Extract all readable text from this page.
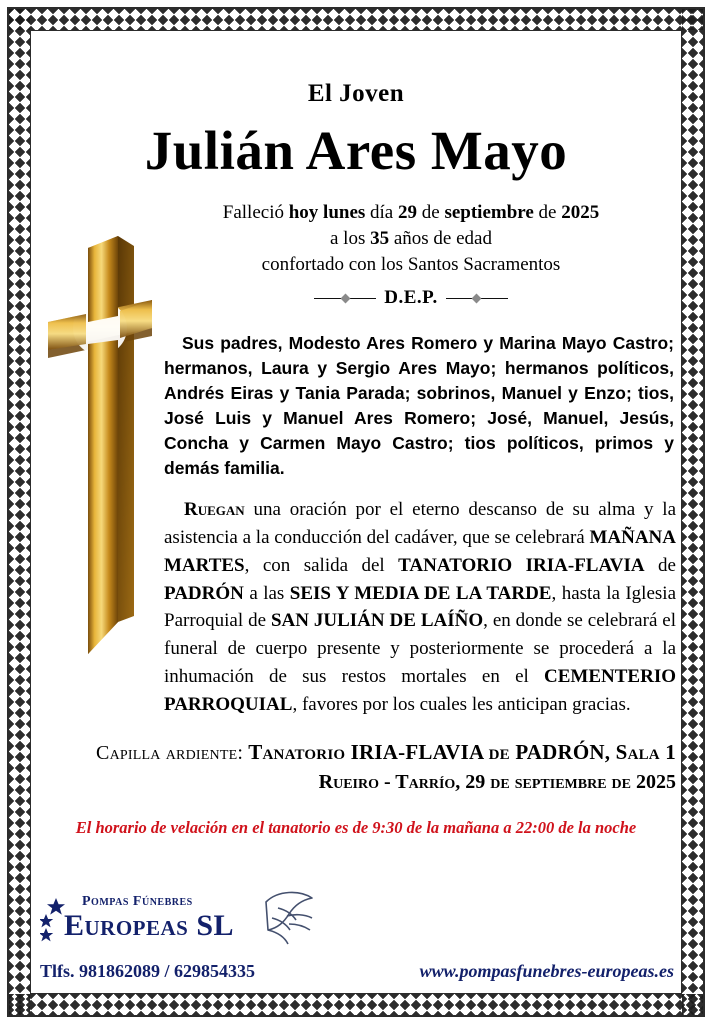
El Joven
Julián Ares Mayo
Falleció hoy lunes día 29 de septiembre de 2025
a los 35 años de edad
confortado con los Santos Sacramentos
D.E.P.
Sus padres, Modesto Ares Romero y Marina Mayo Castro; hermanos, Laura y Sergio Ares Mayo; hermanos políticos, Andrés Eiras y Tania Parada; sobrinos, Manuel y Enzo; tios, José Luis y Manuel Ares Romero; José, Manuel, Jesús, Concha y Carmen Mayo Castro; tios políticos, primos y demás familia.
Ruegan una oración por el eterno descanso de su alma y la asistencia a la conducción del cadáver, que se celebrará MAÑANA MARTES, con salida del TANATORIO IRIA-FLAVIA de PADRÓN a las SEIS Y MEDIA DE LA TARDE, hasta la Iglesia Parroquial de SAN JULIÁN DE LAÍÑO, en donde se celebrará el funeral de cuerpo presente y posteriormente se procederá a la inhumación de sus restos mortales en el CEMENTERIO PARROQUIAL, favores por los cuales les anticipan gracias.
Capilla ardiente: Tanatorio IRIA-FLAVIA de PADRÓN, Sala 1
Rueiro - Tarrío, 29 de septiembre de 2025
El horario de velación en el tanatorio es de 9:30 de la mañana a 22:00 de la noche
Pompas Fúnebres
Europeas SL
Tlfs. 981862089 / 629854335	www.pompasfunebres-europeas.es
